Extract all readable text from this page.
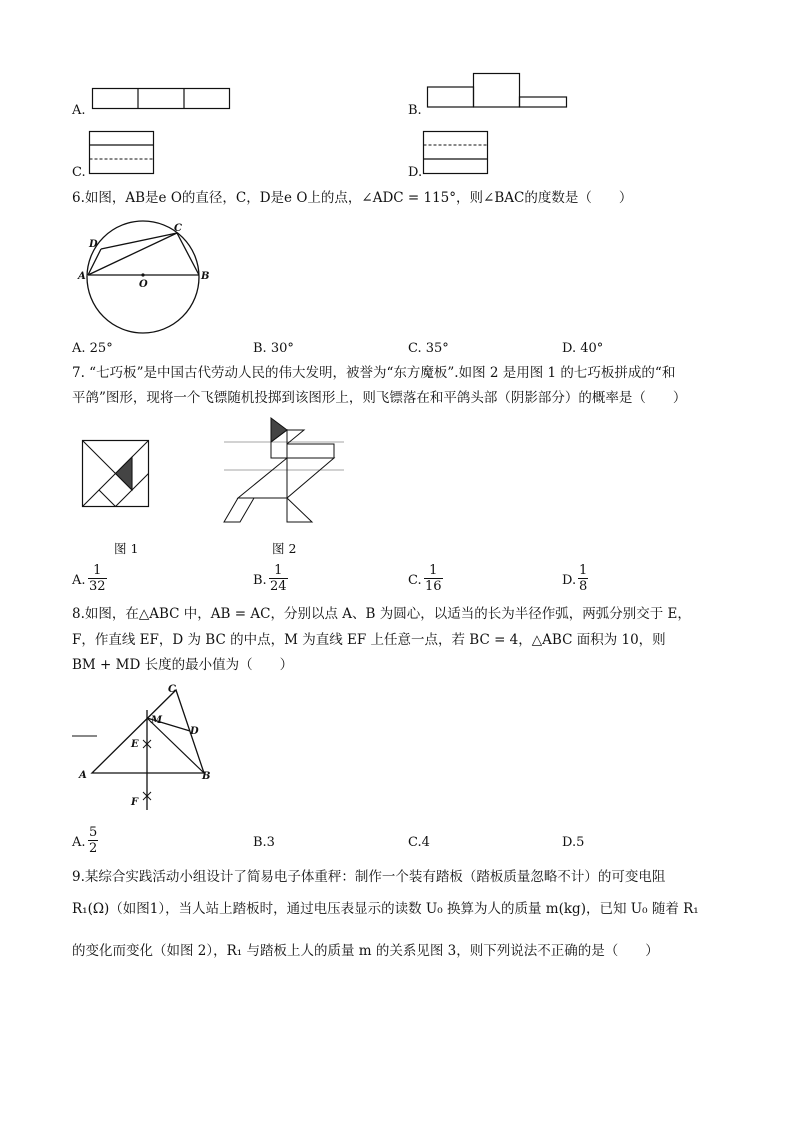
A.	B.
C.	D.
6.如图，AB是e O的直径，C，D是e O上的点，∠ADC = 115°，则∠BAC的度数是（　　）
A	B
C
D
O
A. 25°	B. 30°	C. 35°	D. 40°
7. “七巧板”是中国古代劳动人民的伟大发明，被誉为“东方魔板”.如图 2 是用图 1 的七巧板拼成的“和
平鸽”图形，现将一个飞镖随机投掷到该图形上，则飞镖落在和平鸽头部（阴影部分）的概率是（　　）
图 1	图 2
A.
1
32	B.
1
24	C.
1
16	D.
1
8
8.如图，在△ABC 中，AB = AC，分别以点 A、B 为圆心，以适当的长为半径作弧，两弧分别交于 E，
F，作直线 EF，D 为 BC 的中点，M 为直线 EF 上任意一点，若 BC = 4，△ABC 面积为 10，则
BM + MD 长度的最小值为（　　）
A	B
C
D
E
F
M
A.
5
2	B.3	C.4	D.5
9.某综合实践活动小组设计了简易电子体重秤：制作一个装有踏板（踏板质量忽略不计）的可变电阻
R₁(Ω)（如图1），当人站上踏板时，通过电压表显示的读数 U₀ 换算为人的质量 m(kg)，已知 U₀ 随着 R₁
的变化而变化（如图 2），R₁ 与踏板上人的质量 m 的关系见图 3，则下列说法不正确的是（　　）
